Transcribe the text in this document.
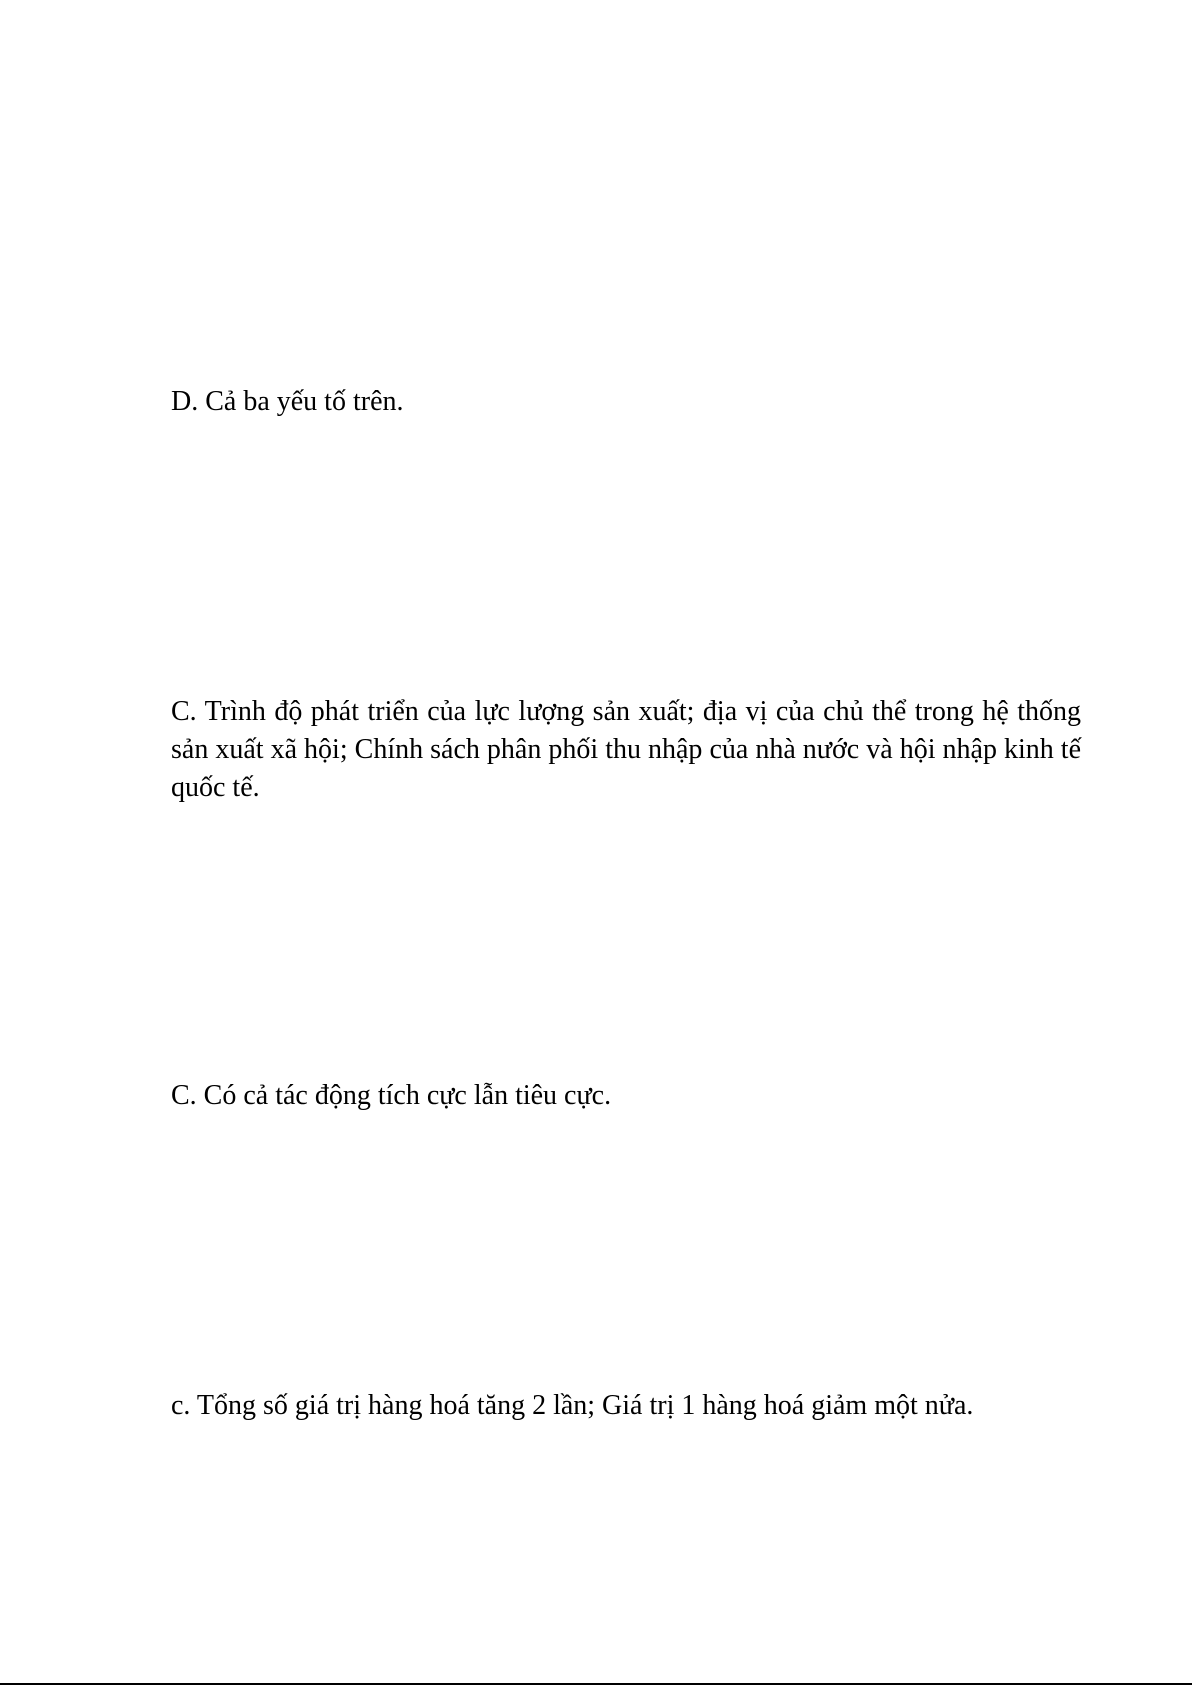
D. Cả ba yếu tố trên.

C. Trình độ phát triển của lực lượng sản xuất; địa vị của chủ thể trong hệ thống sản xuất xã hội; Chính sách phân phối thu nhập của nhà nước và hội nhập kinh tế quốc tế.

C. Có cả tác động tích cực lẫn tiêu cực.

c. Tổng số giá trị hàng hoá tăng 2 lần; Giá trị 1 hàng hoá giảm một nửa.
